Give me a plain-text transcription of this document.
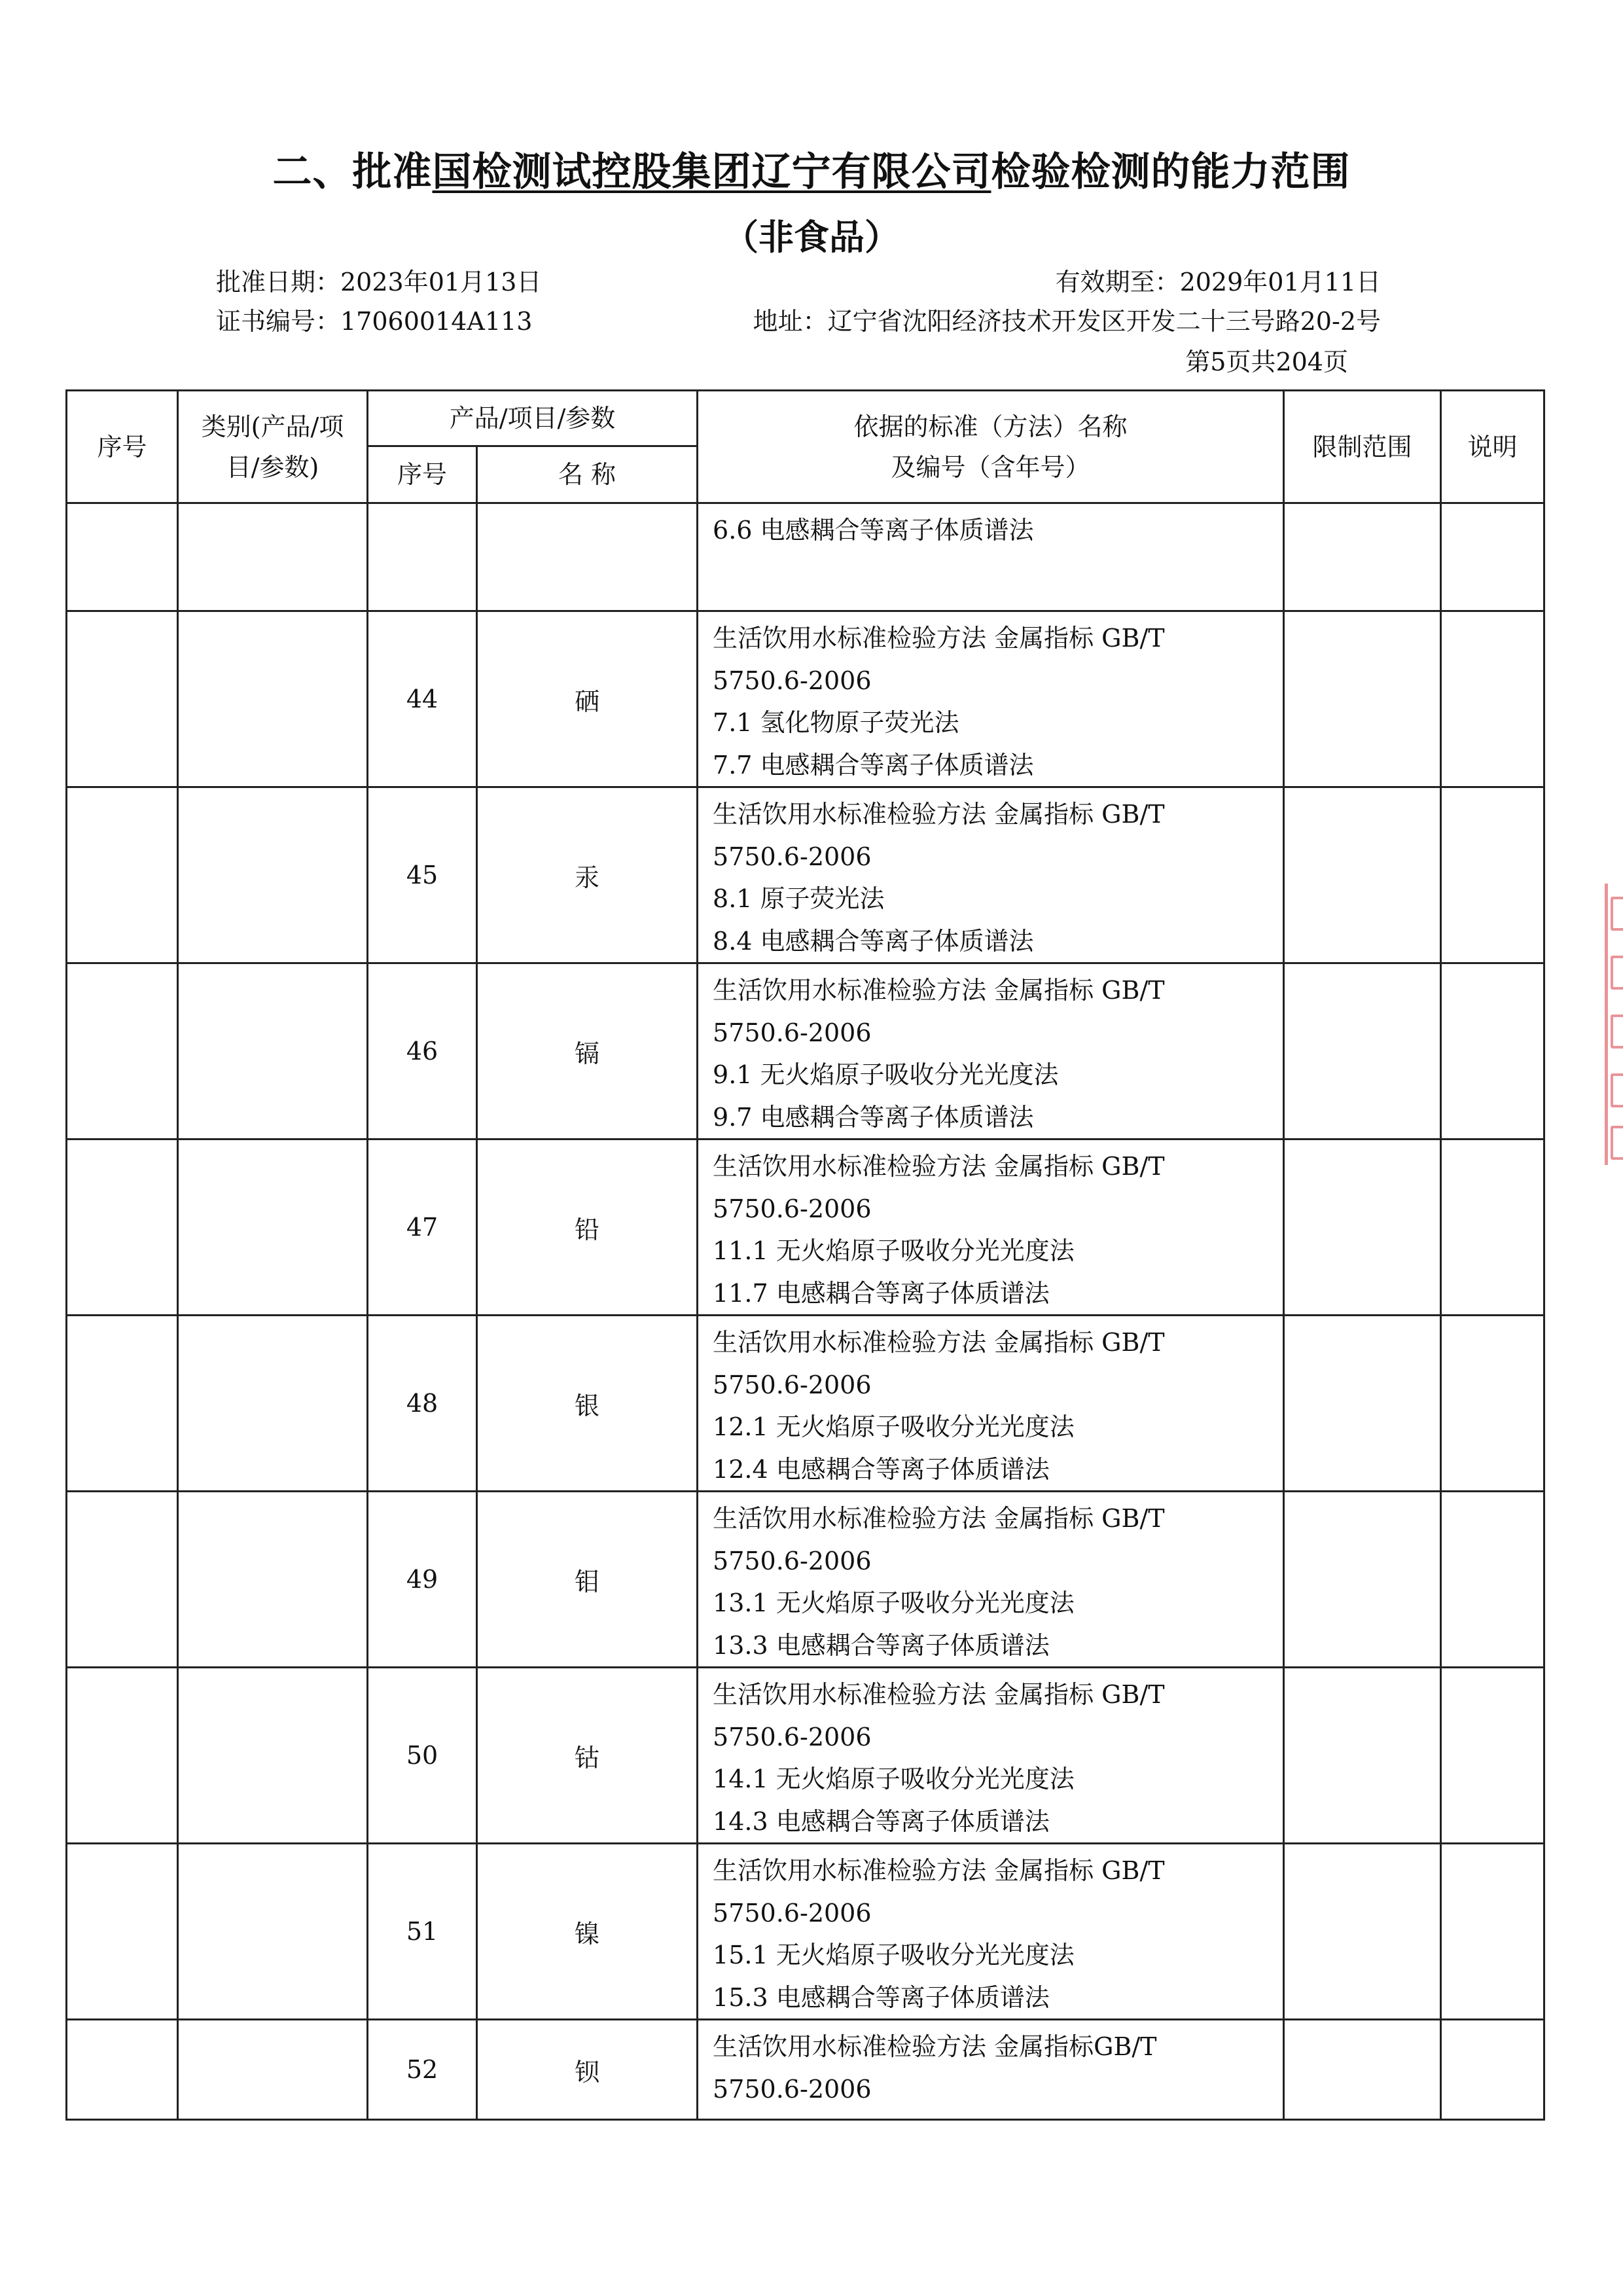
二、批准国检测试控股集团辽宁有限公司检验检测的能力范围
（非食品）
批准日期：2023年01月13日	有效期至：2029年01月11日
证书编号：17060014A113	地址：辽宁省沈阳经济技术开发区开发二十三号路20-2号
第5页共204页
序号	类别(产品/项目/参数)	产品/项目/参数		依据的标准（方法）名称
及编号（含年号）	限制范围	说明
		序号	名 称			

				6.6 电感耦合等离子体质谱法		

		44	硒	生活饮用水标准检验方法 金属指标 GB/T
5750.6-2006
7.1 氢化物原子荧光法
7.7 电感耦合等离子体质谱法		

		45	汞	生活饮用水标准检验方法 金属指标 GB/T
5750.6-2006
8.1 原子荧光法
8.4 电感耦合等离子体质谱法		

		46	镉	生活饮用水标准检验方法 金属指标 GB/T
5750.6-2006
9.1 无火焰原子吸收分光光度法
9.7 电感耦合等离子体质谱法		

		47	铅	生活饮用水标准检验方法 金属指标 GB/T
5750.6-2006
11.1 无火焰原子吸收分光光度法
11.7 电感耦合等离子体质谱法		

		48	银	生活饮用水标准检验方法 金属指标 GB/T
5750.6-2006
12.1 无火焰原子吸收分光光度法
12.4 电感耦合等离子体质谱法		

		49	钼	生活饮用水标准检验方法 金属指标 GB/T
5750.6-2006
13.1 无火焰原子吸收分光光度法
13.3 电感耦合等离子体质谱法		

		50	钴	生活饮用水标准检验方法 金属指标 GB/T
5750.6-2006
14.1 无火焰原子吸收分光光度法
14.3 电感耦合等离子体质谱法		

		51	镍	生活饮用水标准检验方法 金属指标 GB/T
5750.6-2006
15.1 无火焰原子吸收分光光度法
15.3 电感耦合等离子体质谱法		

		52	钡	生活饮用水标准检验方法 金属指标GB/T
5750.6-2006		
